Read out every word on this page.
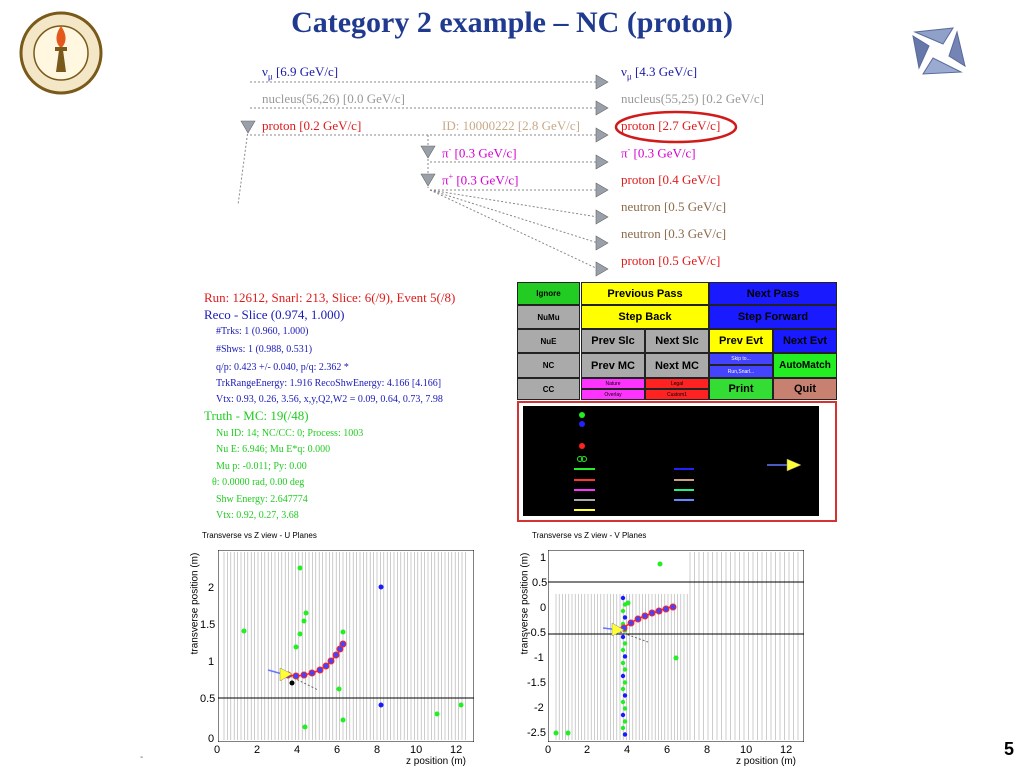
Category 2 example – NC (proton)
$\nu_\mu$ [6.9 GeV/c]
nucleus(56,26) [0.0 GeV/c]
proton [0.2 GeV/c]	ID: 10000222 [2.8 GeV/c]
π- [0.3 GeV/c]
π+ [0.3 GeV/c]
$\nu_\mu$ [4.3 GeV/c]
nucleus(55,25) [0.2 GeV/c]
proton [2.7 GeV/c]
π- [0.3 GeV/c]
proton [0.4 GeV/c]
neutron [0.5 GeV/c]
neutron [0.3 GeV/c]
proton [0.5 GeV/c]
Run: 12612, Snarl: 213, Slice: 6(/9), Event 5(/8)
Reco - Slice (0.974, 1.000)
#Trks: 1 (0.960, 1.000)
#Shws: 1 (0.988, 0.531)
q/p: 0.423 +/- 0.040, p/q: 2.362 *
TrkRangeEnergy: 1.916 RecoShwEnergy: 4.166 [4.166]
Vtx: 0.93, 0.26, 3.56, x,y,Q2,W2 = 0.09, 0.64, 0.73, 7.98
Truth - MC: 19(/48)
Nu ID: 14; NC/CC: 0; Process: 1003
Nu E: 6.946; Mu E*q: 0.000
Mu p: -0.011; Py: 0.00
θ: 0.0000 rad, 0.00 deg
Shw Energy: 2.647774
Vtx: 0.92, 0.27, 3.68
Ignore
NuMu
NuE
NC
CC
Previous Pass
Step Back
Next Pass
Step Forward
Prev Slc	Next Slc
Prev MC	Next MC
Prev Evt	Next Evt
Skip to...
Run,Snarl...
AutoMatch
Nature	Legal
Overlay	Custom1	Print	Quit
Transverse vs Z view - U Planes
0
0.5
1
1.5
2
0	2	4	6	8	10	12
z position (m)
transverse position (m)
Transverse vs Z view - V Planes
1
0.5
0
-0.5
-1
-1.5
-2
-2.5
0	2	4	6	8	10	12
z position (m)
transverse position (m)
-	5
